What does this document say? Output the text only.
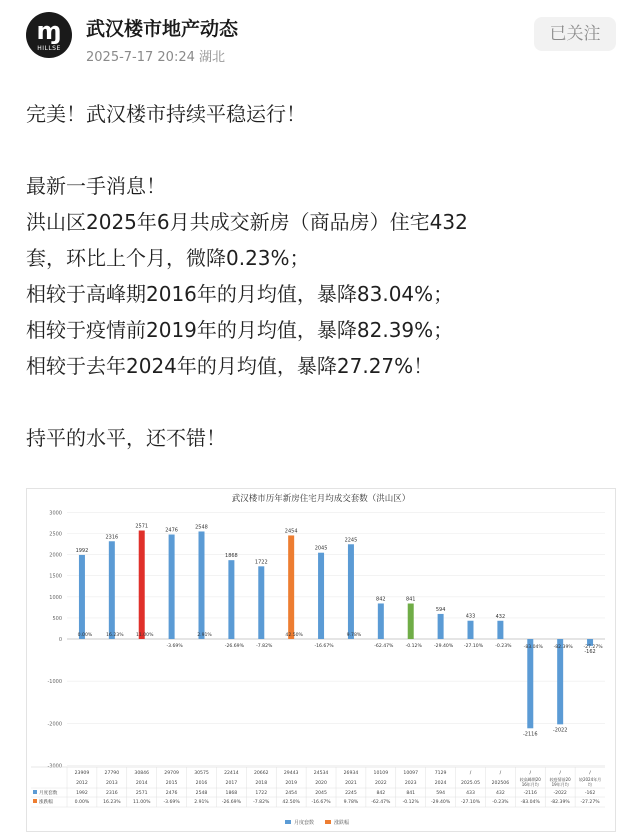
ɱ
HILLSE
武汉楼市地产动态
2025-7-17 20:24 湖北
已关注

完美！武汉楼市持续平稳运行！

最新一手消息！

洪山区2025年6月共成交新房（商品房）住宅432

套，环比上个月，微降0.23%；

相较于高峰期2016年的月均值，暴降83.04%；

相较于疫情前2019年的月均值，暴降82.39%；

相较于去年2024年的月均值，暴降27.27%！

持平的水平，还不错！

武汉楼市历年新房住宅月均成交套数（洪山区）
3000
2500
2000
1500
1000
500
0
-1000
-2000
-3000
1992
0.00%
2316
16.23%
2571
11.00%
2476
-3.69%
2548
2.91%
1868
-26.69%
1722
-7.82%
2454
42.50%
2045
-16.67%
2245
9.78%
842
-62.47%
841
-0.12%
594
-29.40%
433
-27.10%
432
-0.23%
-2116
-83.04%
-2022
-82.39%
-162
-27.27%
23909
2012
1992
0.00%
27790
2013
2316
16.23%
30846
2014
2571
11.00%
29709
2015
2476
-3.69%
30575
2016
2548
2.91%
22414
2017
1868
-26.69%
20662
2018
1722
-7.82%
29443
2019
2454
42.50%
24534
2020
2045
-16.67%
26934
2021
2245
9.78%
10109
2022
842
-62.47%
10097
2023
841
-0.12%
7129
2024
594
-29.40%
/
2025.05
433
-27.10%
/
202506
432
-0.23%
/
较高峰期20
16年月均
-2116
-83.04%
/
较疫情前20
19年月均
-2022
-82.39%
/
较2024年月
均
-162
-27.27%
月度套数
涨跌幅
月度套数	涨跌幅
